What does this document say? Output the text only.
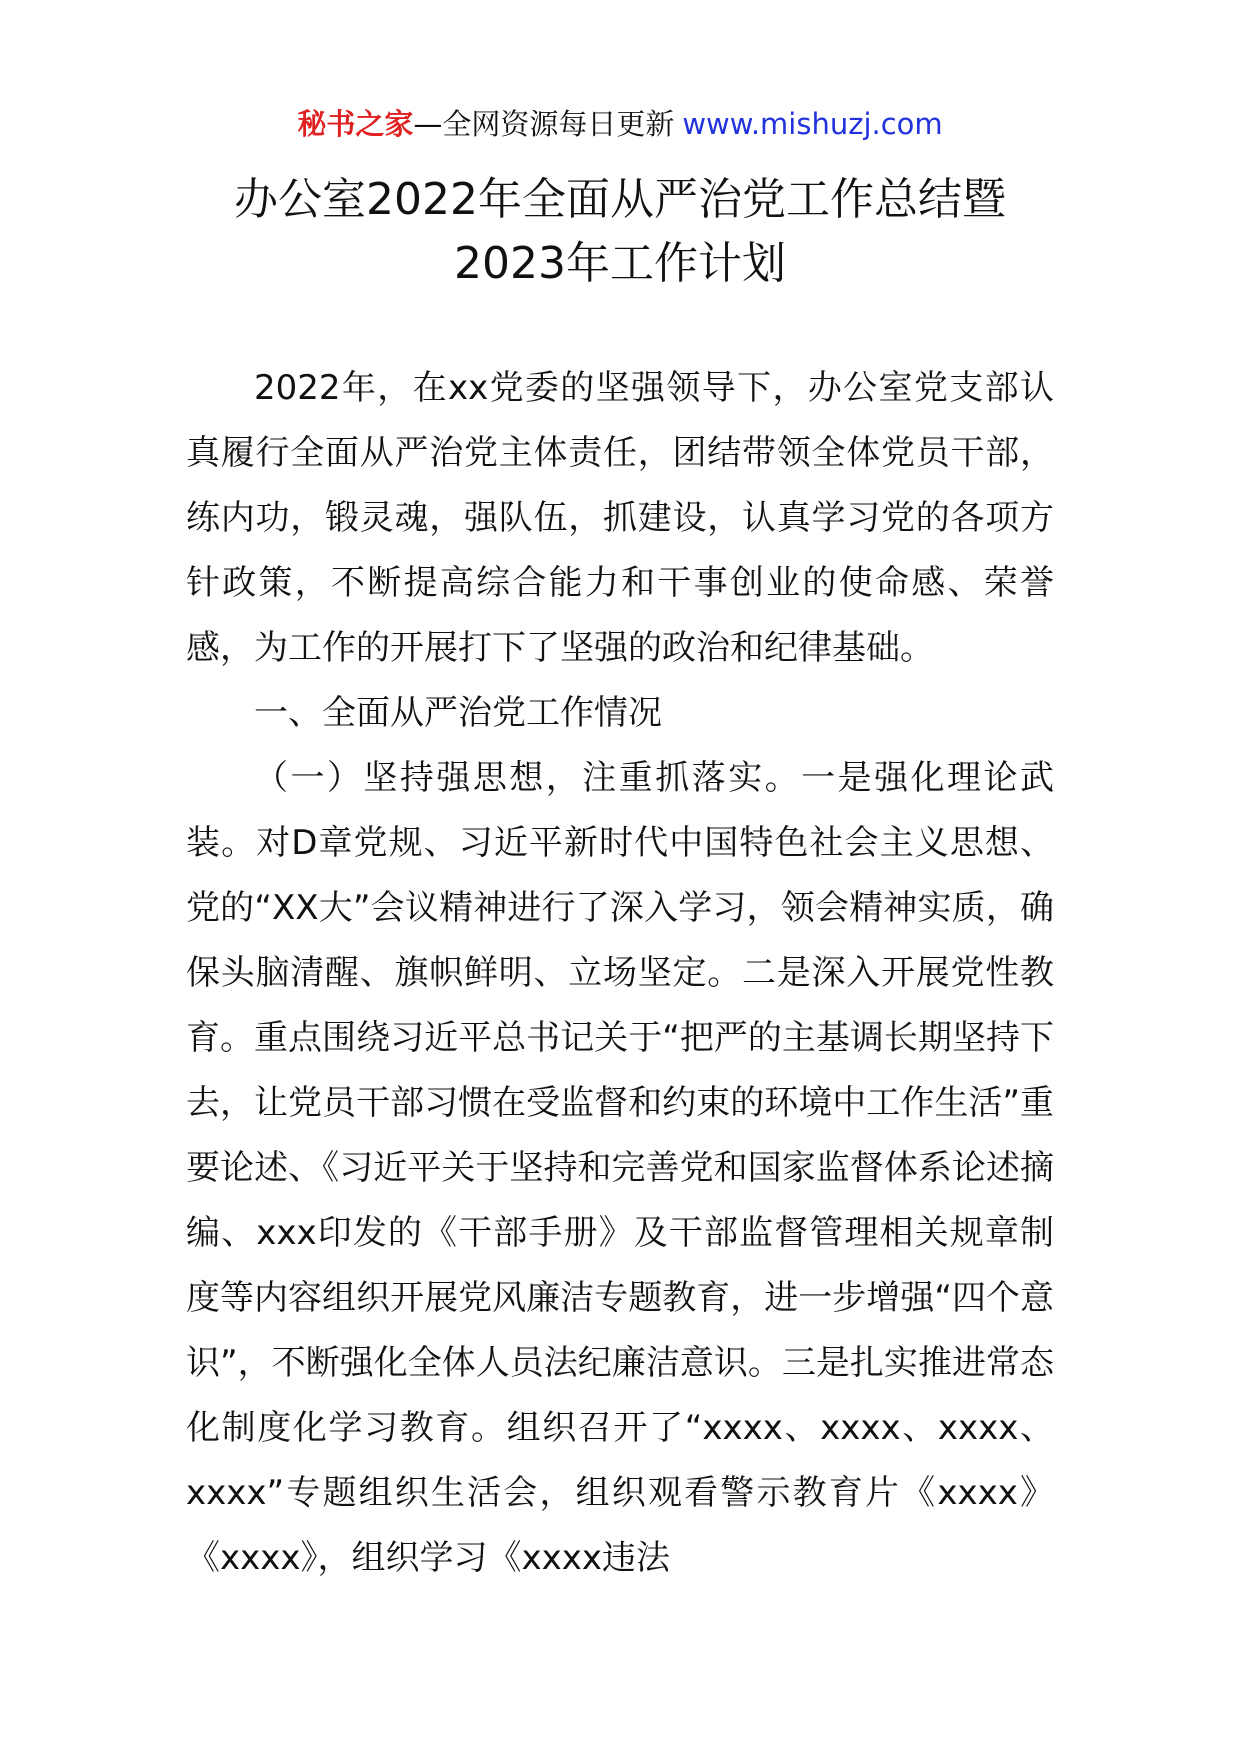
秘书之家—全网资源每日更新 www.mishuzj.com
办公室2022年全面从严治党工作总结暨
2023年工作计划

2022年，在xx党委的坚强领导下，办公室党支部认真履行全面从严治党主体责任，团结带领全体党员干部，练内功，锻灵魂，强队伍，抓建设，认真学习党的各项方针政策，不断提高综合能力和干事创业的使命感、荣誉感，为工作的开展打下了坚强的政治和纪律基础。

一、全面从严治党工作情况

（一）坚持强思想，注重抓落实。一是强化理论武装。对D章党规、习近平新时代中国特色社会主义思想、党的“XX大”会议精神进行了深入学习，领会精神实质，确保头脑清醒、旗帜鲜明、立场坚定。二是深入开展党性教育。重点围绕习近平总书记关于“把严的主基调长期坚持下去，让党员干部习惯在受监督和约束的环境中工作生活”重要论述、《习近平关于坚持和完善党和国家监督体系论述摘编、xxx印发的《干部手册》及干部监督管理相关规章制度等内容组织开展党风廉洁专题教育，进一步增强“四个意识”，不断强化全体人员法纪廉洁意识。三是扎实推进常态化制度化学习教育。组织召开了“xxxx、xxxx、xxxx、xxxx”专题组织生活会，组织观看警示教育片《xxxx》《xxxx》，组织学习《xxxx违法
